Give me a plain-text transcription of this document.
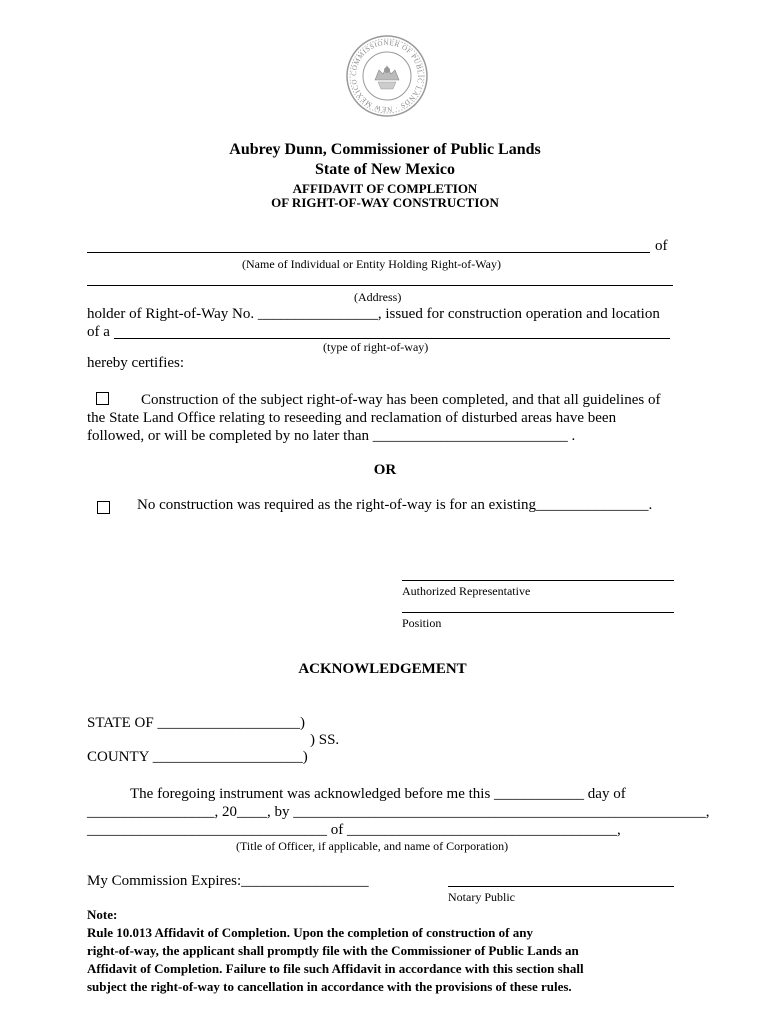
COMMISSIONER OF PUBLIC LANDS · NEW MEXICO
Aubrey Dunn, Commissioner of Public Lands
State of New Mexico
AFFIDAVIT OF COMPLETION
OF RIGHT-OF-WAY CONSTRUCTION
of
(Name of Individual or Entity Holding Right-of-Way)
(Address)
holder of Right-of-Way No. ________________, issued for construction operation and location
of a
(type of right-of-way)
hereby certifies:
Construction of the subject right-of-way has been completed, and that all guidelines of
the State Land Office relating to reseeding and reclamation of disturbed areas have been
followed, or will be completed by no later than __________________________ .
OR
No construction was required as the right-of-way is for an existing_______________.
Authorized Representative
Position
ACKNOWLEDGEMENT
STATE OF ___________________)
) SS.
COUNTY ____________________)
The foregoing instrument was acknowledged before me this ____________ day of
_________________, 20____, by _______________________________________________________,
________________________________ of ____________________________________,
(Title of Officer, if applicable, and name of Corporation)
My Commission Expires:_________________
Notary Public
Note:
Rule 10.013 Affidavit of Completion. Upon the completion of construction of any
right-of-way, the applicant shall promptly file with the Commissioner of Public Lands an
Affidavit of Completion. Failure to file such Affidavit in accordance with this section shall
subject the right-of-way to cancellation in accordance with the provisions of these rules.
